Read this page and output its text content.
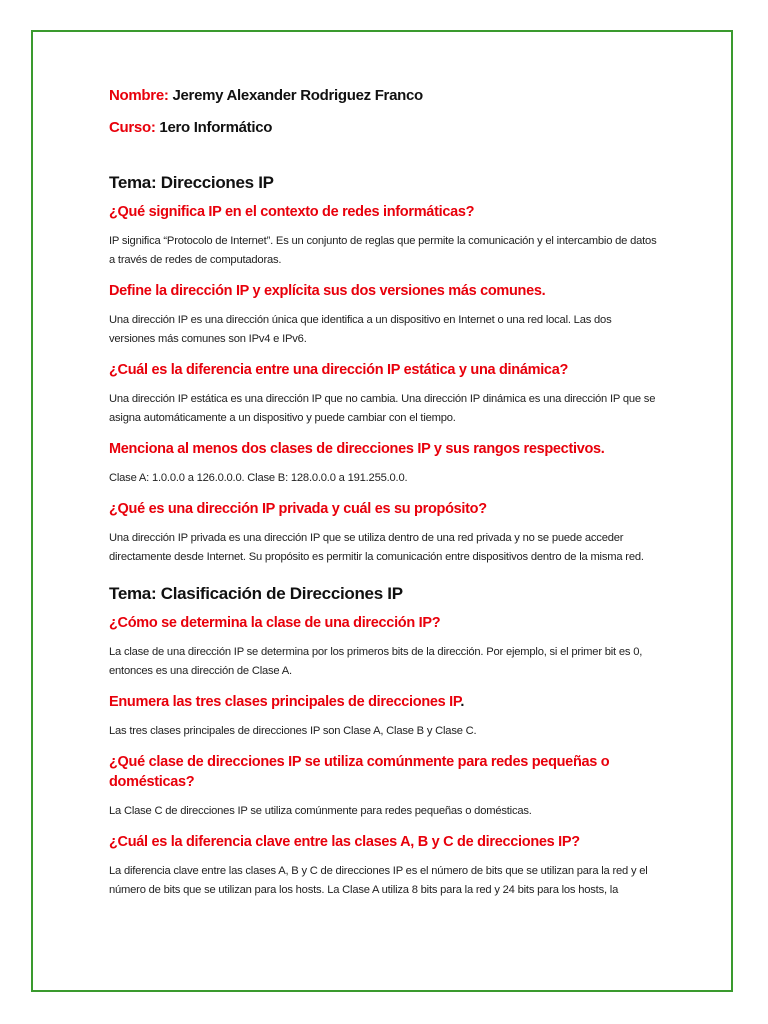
Nombre: Jeremy Alexander Rodriguez Franco

Curso: 1ero Informático

Tema: Direcciones IP
¿Qué significa IP en el contexto de redes informáticas?

IP significa “Protocolo de Internet”. Es un conjunto de reglas que permite la comunicación y el intercambio de datos a través de redes de computadoras.

Define la dirección IP y explícita sus dos versiones más comunes.

Una dirección IP es una dirección única que identifica a un dispositivo en Internet o una red local. Las dos versiones más comunes son IPv4 e IPv6.

¿Cuál es la diferencia entre una dirección IP estática y una dinámica?

Una dirección IP estática es una dirección IP que no cambia. Una dirección IP dinámica es una dirección IP que se asigna automáticamente a un dispositivo y puede cambiar con el tiempo.

Menciona al menos dos clases de direcciones IP y sus rangos respectivos.

Clase A: 1.0.0.0 a 126.0.0.0. Clase B: 128.0.0.0 a 191.255.0.0.

¿Qué es una dirección IP privada y cuál es su propósito?

Una dirección IP privada es una dirección IP que se utiliza dentro de una red privada y no se puede acceder directamente desde Internet. Su propósito es permitir la comunicación entre dispositivos dentro de la misma red.

Tema: Clasificación de Direcciones IP
¿Cómo se determina la clase de una dirección IP?

La clase de una dirección IP se determina por los primeros bits de la dirección. Por ejemplo, si el primer bit es 0, entonces es una dirección de Clase A.

Enumera las tres clases principales de direcciones IP.

Las tres clases principales de direcciones IP son Clase A, Clase B y Clase C.

¿Qué clase de direcciones IP se utiliza comúnmente para redes pequeñas o domésticas?

La Clase C de direcciones IP se utiliza comúnmente para redes pequeñas o domésticas.

¿Cuál es la diferencia clave entre las clases A, B y C de direcciones IP?

La diferencia clave entre las clases A, B y C de direcciones IP es el número de bits que se utilizan para la red y el número de bits que se utilizan para los hosts. La Clase A utiliza 8 bits para la red y 24 bits para los hosts, la
